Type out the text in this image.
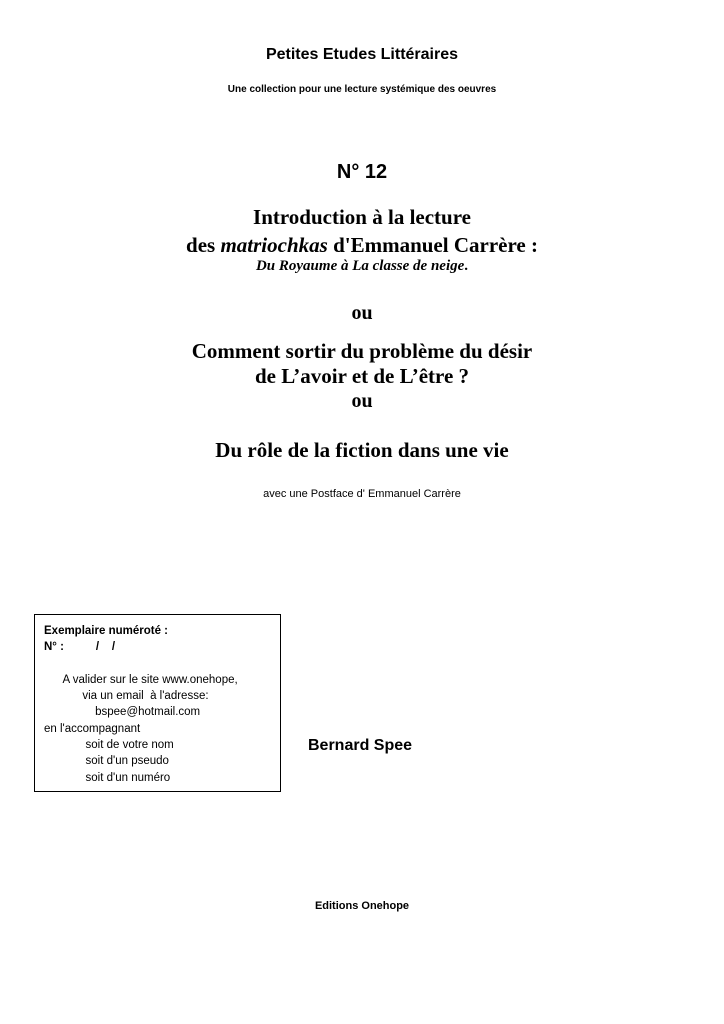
Petites Etudes Littéraires
Une collection pour une lecture systémique des oeuvres
N° 12
Introduction à la lecture
des matriochkas d'Emmanuel Carrère :
Du Royaume à La classe de neige.
ou
Comment sortir du problème du désir
de L’avoir et de L’être ?
ou
Du rôle de la fiction dans une vie
avec une Postface d' Emmanuel Carrère
Exemplaire numéroté :
N° :          /    /
A valider sur le site www.onehope,
via un email  à l'adresse:
bspee@hotmail.com
en l'accompagnant
soit de votre nom
soit d'un pseudo
soit d'un numéro
Bernard Spee
Editions Onehope
